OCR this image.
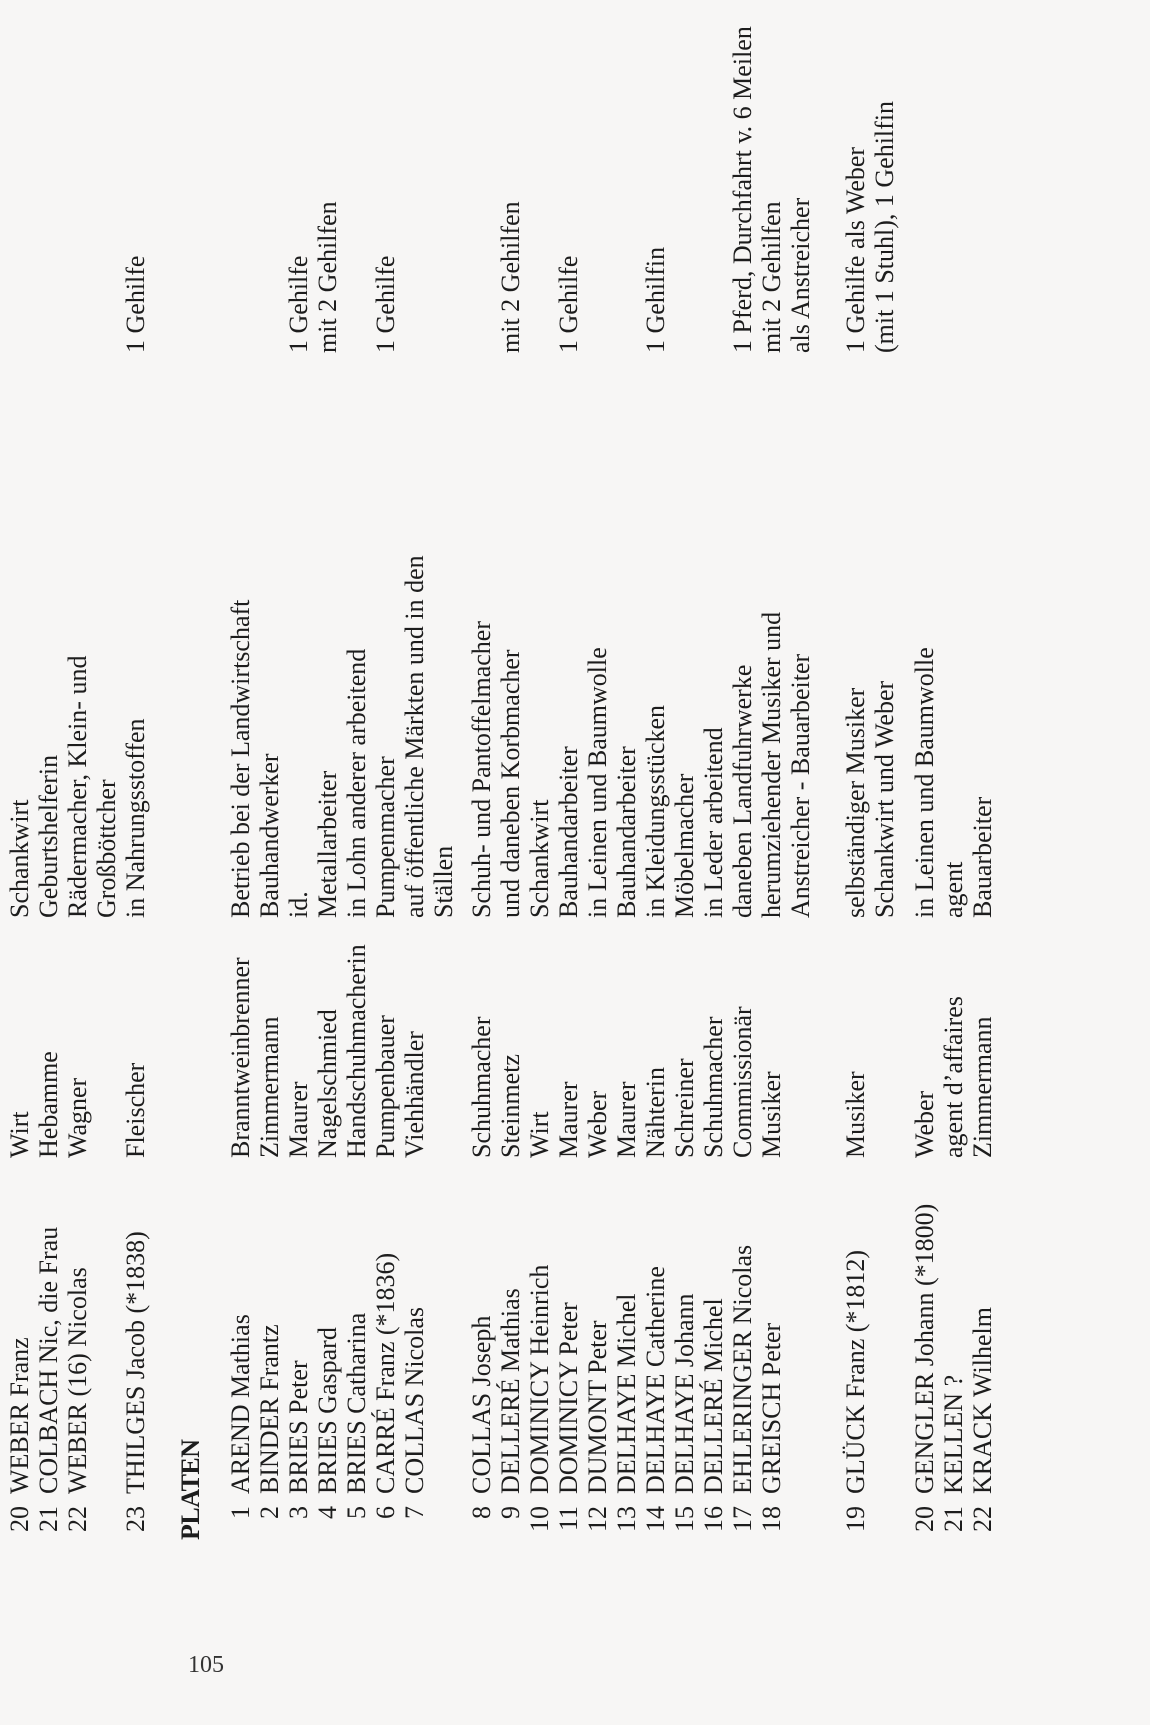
20
WEBER Franz
Wirt
Schankwirt
21
COLBACH Nic, die Frau
Hebamme
Geburtshelferin
22
WEBER (16) Nicolas
Wagner
Rädermacher, Klein- und Großböttcher
23
THILGES Jacob (*1838)
Fleischer
in Nahrungsstoffen
1 Gehilfe
PLATEN 1
AREND Mathias
Branntweinbrenner
Betrieb bei der Landwirtschaft
2
BINDER Frantz
Zimmermann
Bauhandwerker
3
BRIES Peter
Maurer
id.
1 Gehilfe
4
BRIES Gaspard
Nagelschmied
Metallarbeiter
mit 2 Gehilfen
5
BRIES Catharina
Handschuhmacherin
in Lohn anderer arbeitend
6
CARRÉ Franz (*1836)
Pumpenbauer
Pumpenmacher
1 Gehilfe
7
COLLAS Nicolas
Viehhändler
auf öffentliche Märkten und in den Ställen
8
COLLAS Joseph
Schuhmacher
Schuh- und Pantoffelmacher
9
DELLERÉ Mathias
Steinmetz
und daneben Korbmacher
mit 2 Gehilfen
10
DOMINICY Heinrich
Wirt
Schankwirt
11
DOMINICY Peter
Maurer
Bauhandarbeiter
1 Gehilfe
12
DUMONT Peter
Weber
in Leinen und Baumwolle
13
DELHAYE Michel
Maurer
Bauhandarbeiter
14
DELHAYE Catherine
Nähterin
in Kleidungsstücken
1 Gehilfin
15
DELHAYE Johann
Schreiner
Möbelmacher
16
DELLERÉ Michel
Schuhmacher
in Leder arbeitend
17
EHLERINGER Nicolas
Commissionär
daneben Landfuhrwerke
1 Pferd, Durchfahrt v. 6 Meilen
18
GREISCH Peter
Musiker
herumziehender Musiker und
mit 2 Gehilfen
Anstreicher - Bauarbeiter
als Anstreicher
19
GLÜCK Franz (*1812)
Musiker
selbständiger Musiker
1 Gehilfe als Weber
Schankwirt und Weber
(mit 1 Stuhl), 1 Gehilfin
20
GENGLER Johann (*1800)
Weber
in Leinen und Baumwolle
21
KELLEN ?
agent d’affaires
agent
22
KRACK Wilhelm
Zimmermann
Bauarbeiter
105
